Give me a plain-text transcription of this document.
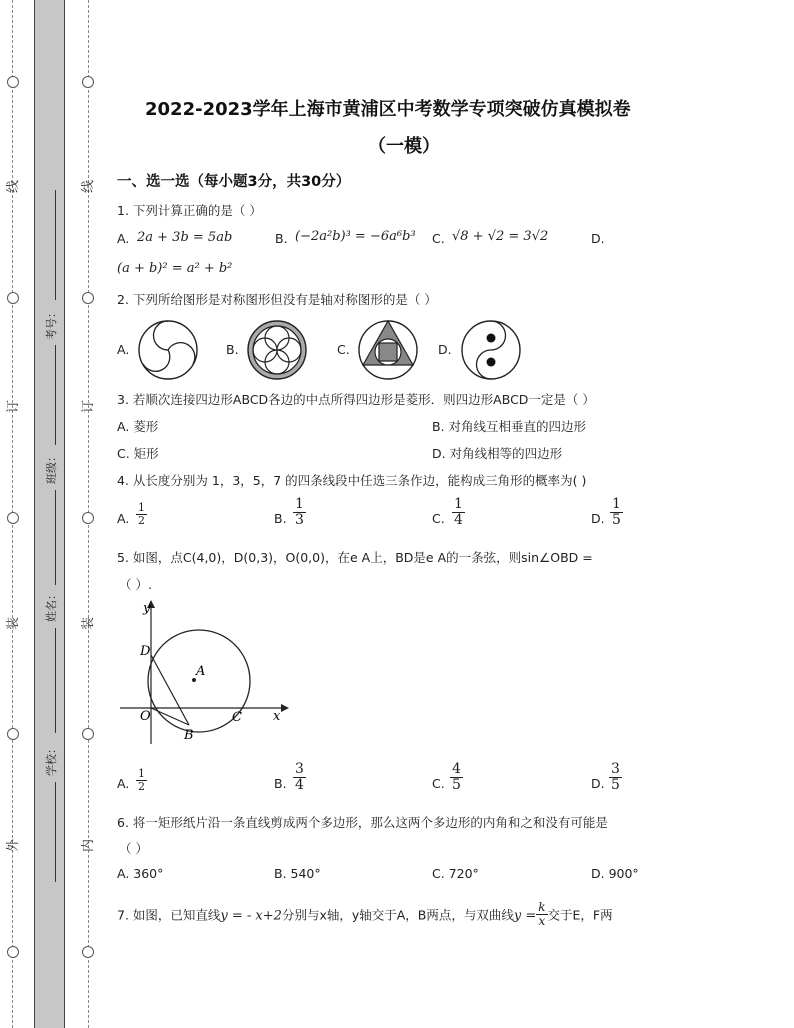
线
订
装
外
线
订
装
内
考号：
班级：
姓名：
学校：
2022-2023学年上海市黄浦区中考数学专项突破仿真模拟卷
（一模）
一、选一选（每小题3分，共30分）
1. 下列计算正确的是（ ）
A. 2a + 3b = 5ab	B. (−2a²b)³ = −6a⁶b³ C. √8 + √2 = 3√2	D.
(a + b)² = a² + b²
2. 下列所给图形是对称图形但没有是轴对称图形的是（ ）
A.	B.	C.	D.
3. 若顺次连接四边形ABCD各边的中点所得四边形是菱形．则四边形ABCD一定是（ ）
A. 菱形	B. 对角线互相垂直的四边形
C. 矩形	D. 对角线相等的四边形
4. 从长度分别为 1，3，5，7 的四条线段中任选三条作边，能构成三角形的概率为( )
A. $\frac{1}{2}$	B. $\frac{1}{3}$	C. $\frac{1}{4}$	D. $\frac{1}{5}$
5. 如图，点C(4,0)，D(0,3)，O(0,0)，在e A上，BD是e A的一条弦，则sin∠OBD =
（ ）.
y
x
D
A
O	C
B
A. $\frac{1}{2}$	B. $\frac{3}{4}$	C. $\frac{4}{5}$	D. $\frac{3}{5}$
6. 将一矩形纸片沿一条直线剪成两个多边形，那么这两个多边形的内角和之和没有可能是
（ ）
A. 360°	B. 540°	C. 720°	D. 900°
7. 如图，已知直线y = - x+2分别与x轴，y轴交于A，B两点，与双曲线$y = \frac{k}{x}$ 交于E，F两
